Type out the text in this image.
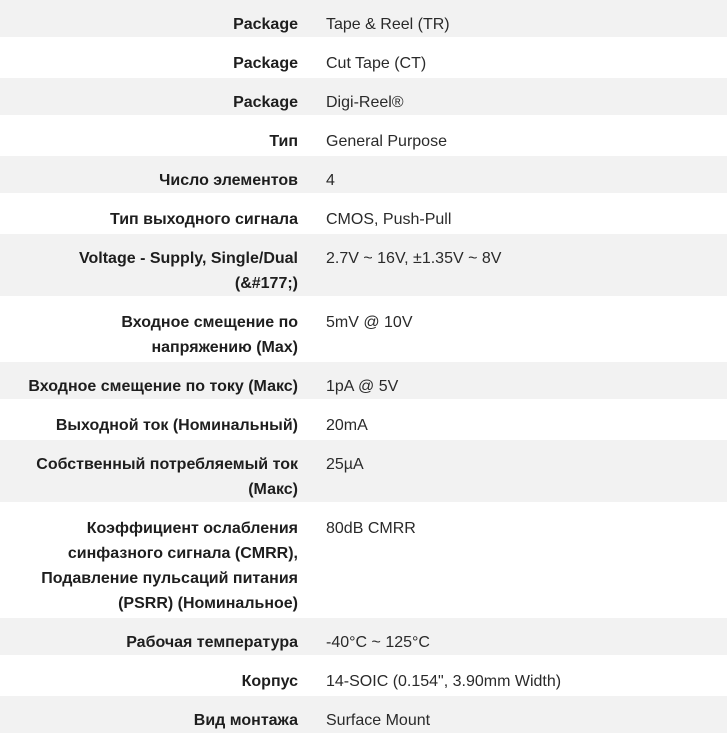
Package	Tape & Reel (TR)
Package	Cut Tape (CT)
Package	Digi-Reel®
Тип	General Purpose
Число элементов	4
Тип выходного сигнала	CMOS, Push-Pull
Voltage - Supply, Single/Dual
(&#177;)	2.7V ~ 16V, ±1.35V ~ 8V
Входное смещение по
напряжению (Max)	5mV @ 10V
Входное смещение по току (Макс)	1pA @ 5V
Выходной ток (Номинальный)	20mA
Собственный потребляемый ток
(Макс)	25µA
Коэффициент ослабления
синфазного сигнала (CMRR),
Подавление пульсаций питания
(PSRR) (Номинальное)	80dB CMRR
Рабочая температура	-40°C ~ 125°C
Корпус	14-SOIC (0.154", 3.90mm Width)
Вид монтажа	Surface Mount
